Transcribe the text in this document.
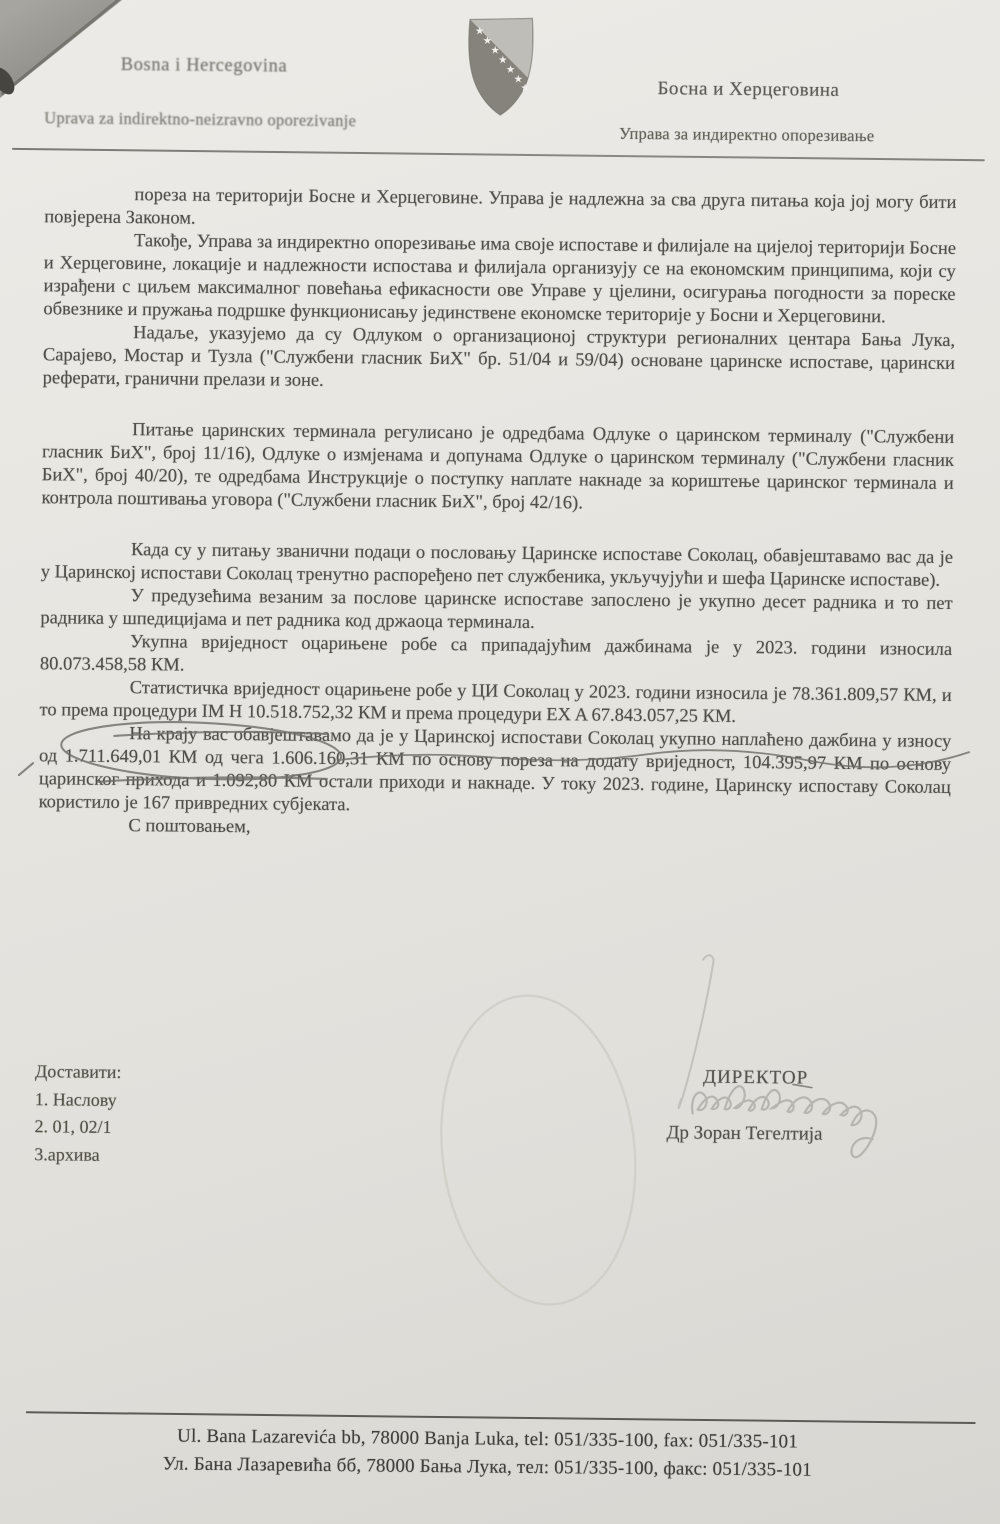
Bosna i Hercegovina
Uprava za indirektno-neizravno oporezivanje
Босна и Херцеговина
Управа за индиректно опорезивање
★
★
★
★
★
★
★

пореза на територији Босне и Херцеговине. Управа је надлежна за сва друга питања која јој могу бити повјерена Законом.

Такође, Управа за индиректно опорезивање има своје испоставе и филијале на цијелој територији Босне и Херцеговине, локације и надлежности испостава и филијала организују се на економским принципима, који су израђени с циљем максималног повећања ефикасности ове Управе у цјелини, осигурања погодности за пореске обвезнике и пружања подршке функционисању јединствене економске територије у Босни и Херцеговини.

Надаље, указујемо да су Одлуком о организационој структури регионалних центара Бања Лука, Сарајево, Мостар и Тузла ("Службени гласник БиХ" бр. 51/04 и 59/04) основане царинске испоставе, царински реферати, гранични прелази и зоне.

Питање царинских терминала регулисано је одредбама Одлуке о царинском терминалу ("Службени гласник БиХ", број 11/16), Одлуке о измјенама и допунама Одлуке о царинском терминалу ("Службени гласник БиХ", број 40/20), те одредбама Инструкције о поступку наплате накнаде за кориштење царинског терминала и контрола поштивања уговора ("Службени гласник БиХ", број 42/16).

Када су у питању званични подаци о пословању Царинске испоставе Соколац, обавјештавамо вас да је у Царинској испостави Соколац тренутно распоређено пет службеника, укључујући и шефа Царинске испоставе).

У предузећима везаним за послове царинске испоставе запослено је укупно десет радника и то пет радника у шпедицијама и пет радника код држаоца терминала.

Укупна вриједност оцарињене робе са припадајућим дажбинама је у 2023. години износила 80.073.458,58 КМ.

Статистичка вриједност оцарињене робе у ЦИ Соколац у 2023. години износила је 78.361.809,57 КМ, и то према процедури IM H 10.518.752,32 КМ и према процедури EX A 67.843.057,25 КМ.

На крају вас обавјештавамо да је у Царинској испостави Соколац укупно наплаћено дажбина у износу од 1.711.649,01 КМ од чега 1.606.160,31 КМ по основу пореза на додату вриједност, 104.395,97 КМ по основу царинског прихода и 1.092,80 КМ остали приходи и накнаде. У току 2023. године, Царинску испоставу Соколац користило је 167 привредних субјеката.

С поштовањем,

Доставити:
1. Наслову
2. 01, 02/1
3.архива
ДИРЕКТОР
Др Зоран Тегелтија
Ul. Bana Lazarevića bb, 78000 Banja Luka, tel: 051/335-100, fax: 051/335-101
Ул. Бана Лазаревића бб, 78000 Бања Лука, тел: 051/335-100, факс: 051/335-101
